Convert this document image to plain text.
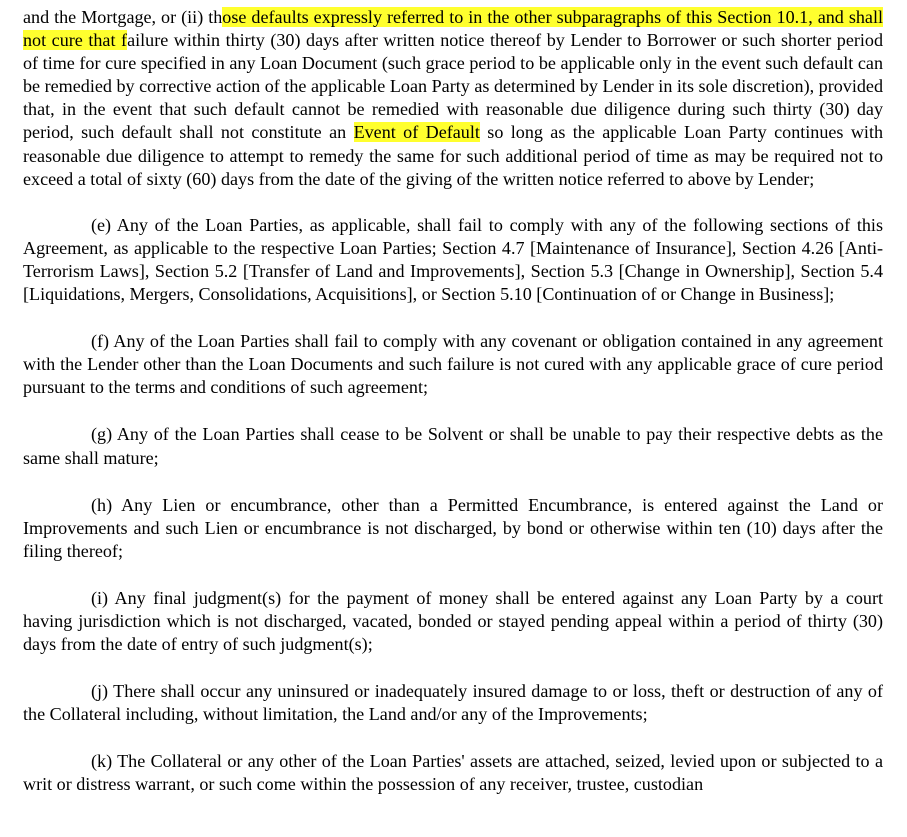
and the Mortgage, or (ii) those defaults expressly referred to in the other subparagraphs of this Section 10.1, and shall not cure that failure within thirty (30) days after written notice thereof by Lender to Borrower or such shorter period of time for cure specified in any Loan Document (such grace period to be applicable only in the event such default can be remedied by corrective action of the applicable Loan Party as determined by Lender in its sole discretion), provided that, in the event that such default cannot be remedied with reasonable due diligence during such thirty (30) day period, such default shall not constitute an Event of Default so long as the applicable Loan Party continues with reasonable due diligence to attempt to remedy the same for such additional period of time as may be required not to exceed a total of sixty (60) days from the date of the giving of the written notice referred to above by Lender;

(e) Any of the Loan Parties, as applicable, shall fail to comply with any of the following sections of this Agreement, as applicable to the respective Loan Parties; Section 4.7 [Maintenance of Insurance], Section 4.26 [Anti-Terrorism Laws], Section 5.2 [Transfer of Land and Improvements], Section 5.3 [Change in Ownership], Section 5.4 [Liquidations, Mergers, Consolidations, Acquisitions], or Section 5.10 [Continuation of or Change in Business];

(f) Any of the Loan Parties shall fail to comply with any covenant or obligation contained in any agreement with the Lender other than the Loan Documents and such failure is not cured with any applicable grace of cure period pursuant to the terms and conditions of such agreement;

(g) Any of the Loan Parties shall cease to be Solvent or shall be unable to pay their respective debts as the same shall mature;

(h) Any Lien or encumbrance, other than a Permitted Encumbrance, is entered against the Land or Improvements and such Lien or encumbrance is not discharged, by bond or otherwise within ten (10) days after the filing thereof;

(i) Any final judgment(s) for the payment of money shall be entered against any Loan Party by a court having jurisdiction which is not discharged, vacated, bonded or stayed pending appeal within a period of thirty (30) days from the date of entry of such judgment(s);

(j) There shall occur any uninsured or inadequately insured damage to or loss, theft or destruction of any of the Collateral including, without limitation, the Land and/or any of the Improvements;

(k) The Collateral or any other of the Loan Parties' assets are attached, seized, levied upon or subjected to a writ or distress warrant, or such come within the possession of any receiver, trustee, custodian
